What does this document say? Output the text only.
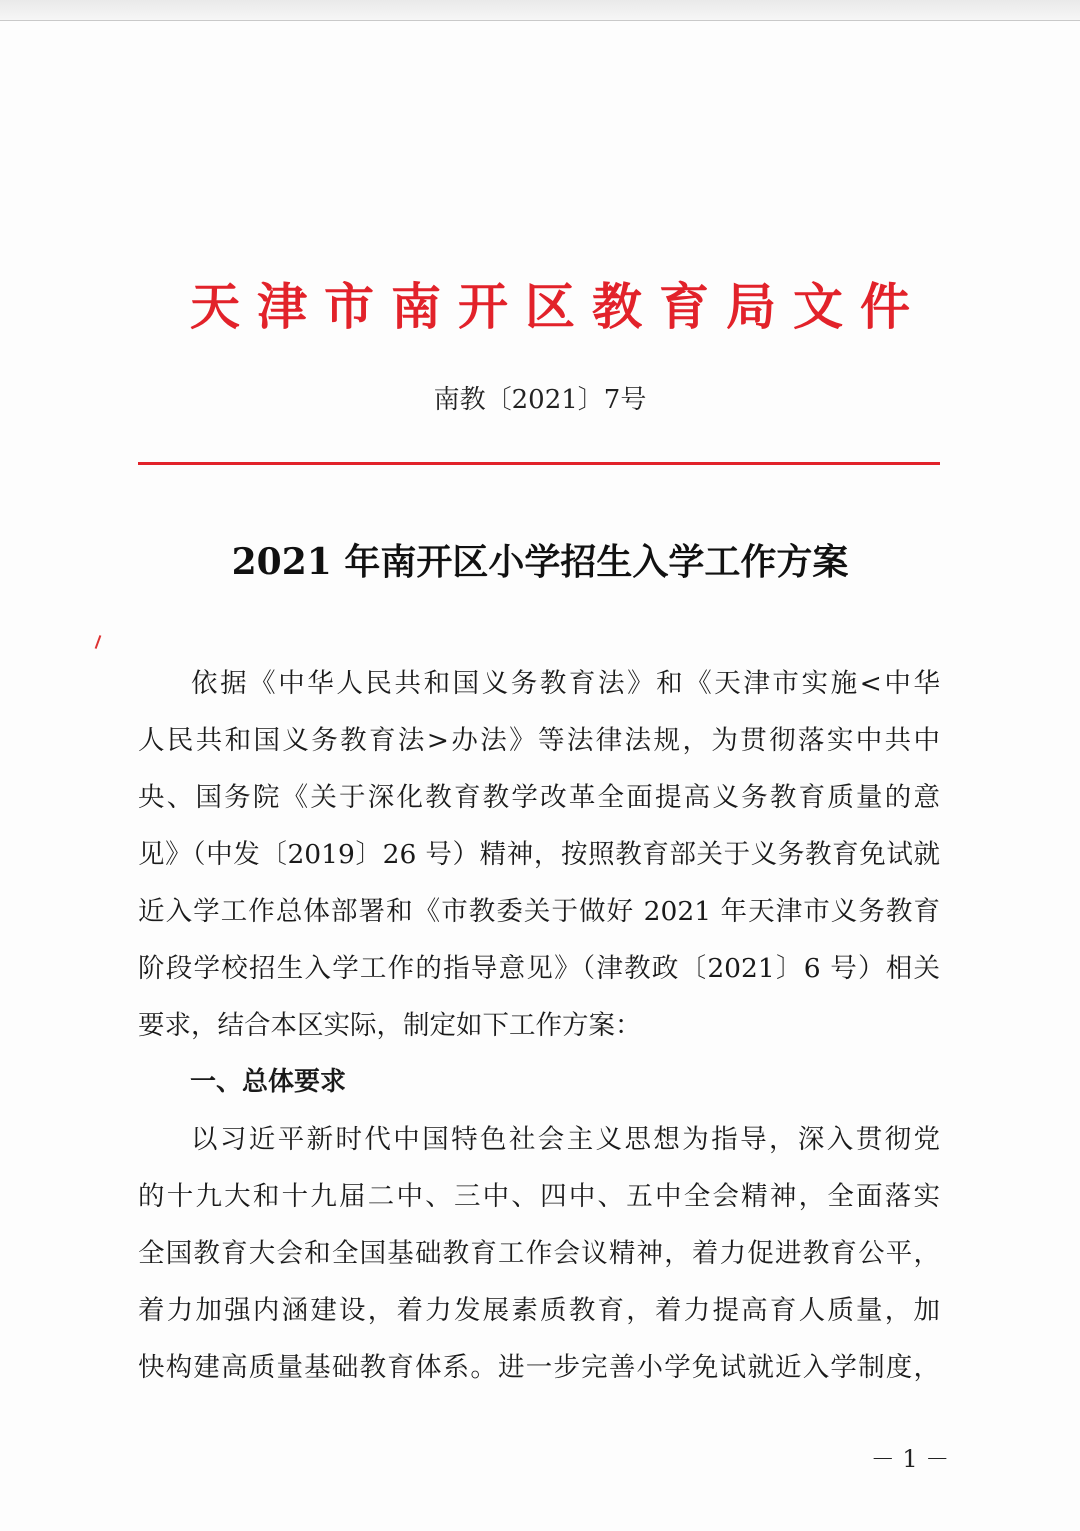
天津市南开区教育局文件
南教〔2021〕7号
2021 年南开区小学招生入学工作方案

依据《中华人民共和国义务教育法》和《天津市实施<中华

人民共和国义务教育法>办法》等法律法规，为贯彻落实中共中

央、国务院《关于深化教育教学改革全面提高义务教育质量的意

见》（中发〔2019〕26 号）精神，按照教育部关于义务教育免试就

近入学工作总体部署和《市教委关于做好 2021 年天津市义务教育

阶段学校招生入学工作的指导意见》（津教政〔2021〕6 号）相关

要求，结合本区实际，制定如下工作方案：

一、总体要求

以习近平新时代中国特色社会主义思想为指导，深入贯彻党

的十九大和十九届二中、三中、四中、五中全会精神，全面落实

全国教育大会和全国基础教育工作会议精神，着力促进教育公平，

着力加强内涵建设，着力发展素质教育，着力提高育人质量，加

快构建高质量基础教育体系。进一步完善小学免试就近入学制度，

－ 1 －
